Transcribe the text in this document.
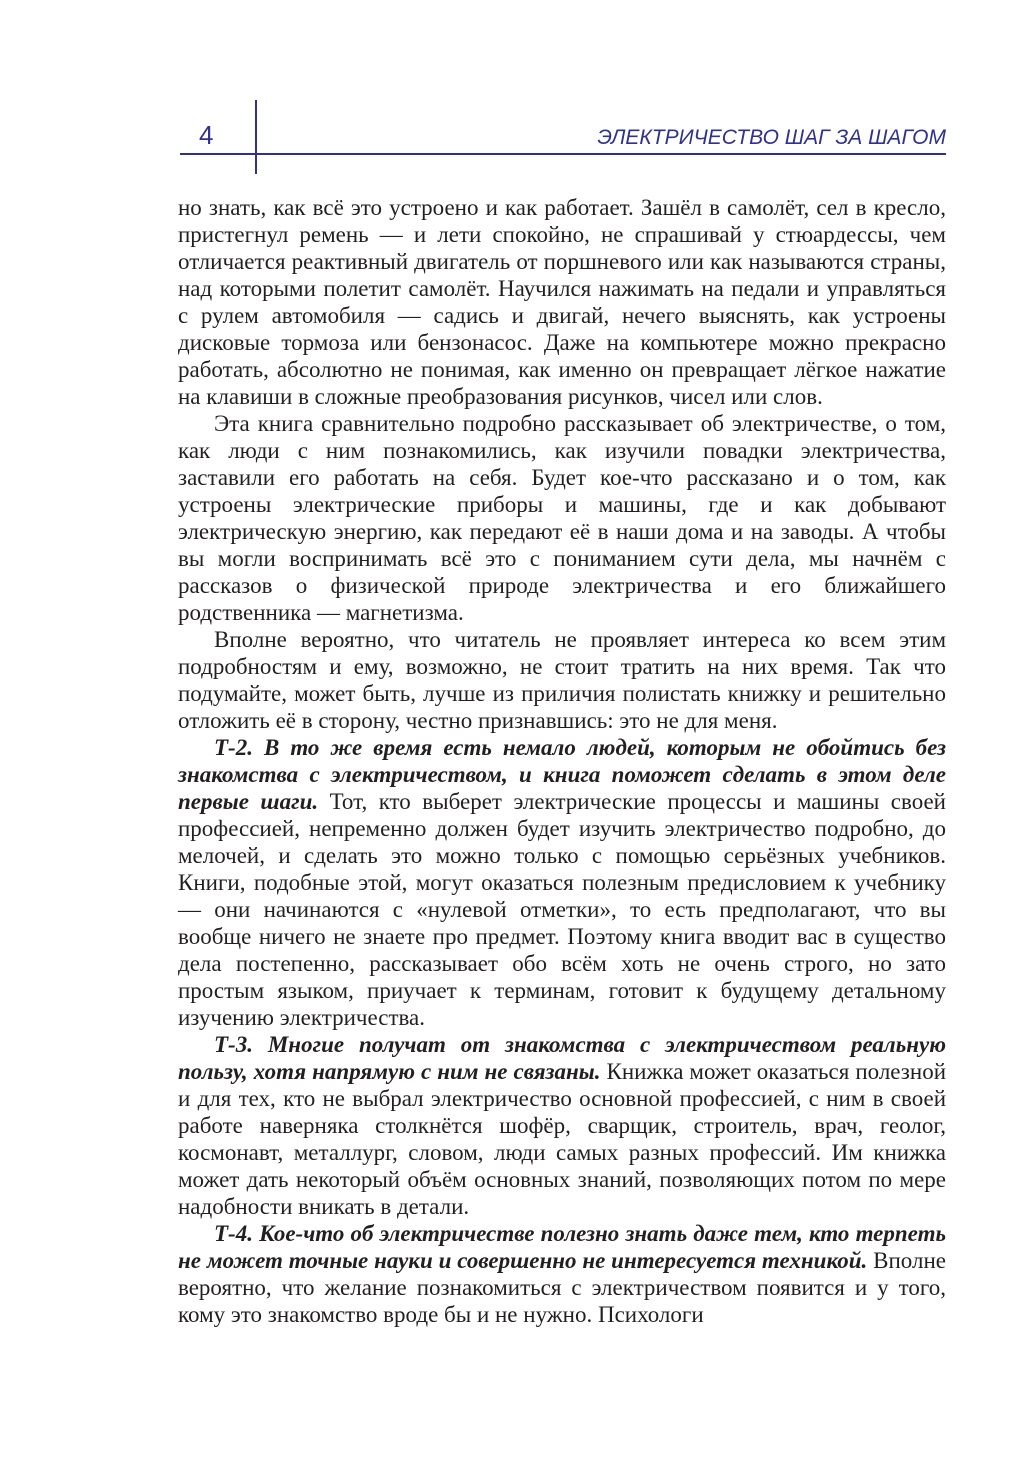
4	ЭЛЕКТРИЧЕСТВО ШАГ ЗА ШАГОМ

но знать, как всё это устроено и как работает. Зашёл в самолёт, сел в кресло, пристегнул ремень — и лети спокойно, не спрашивай у стюардессы, чем отличается реактивный двигатель от поршневого или как называются страны, над которыми полетит самолёт. Научился нажимать на педали и управляться с рулем автомобиля — садись и двигай, нечего выяснять, как устроены дисковые тормоза или бензонасос. Даже на компьютере можно прекрасно работать, абсолютно не понимая, как именно он превращает лёгкое нажатие на клавиши в сложные преобразования рисунков, чисел или слов.

Эта книга сравнительно подробно рассказывает об электричестве, о том, как люди с ним познакомились, как изучили повадки электричества, заставили его работать на себя. Будет кое-что рассказано и о том, как устроены электрические приборы и машины, где и как добывают электрическую энергию, как передают её в наши дома и на заводы. А чтобы вы могли воспринимать всё это с пониманием сути дела, мы начнём с рассказов о физической природе электричества и его ближайшего родственника — магнетизма.

Вполне вероятно, что читатель не проявляет интереса ко всем этим подробностям и ему, возможно, не стоит тратить на них время. Так что подумайте, может быть, лучше из приличия полистать книжку и решительно отложить её в сторону, честно признавшись: это не для меня.

Т-2. В то же время есть немало людей, которым не обойтись без знакомства с электричеством, и книга поможет сделать в этом деле первые шаги. Тот, кто выберет электрические процессы и машины своей профессией, непременно должен будет изучить электричество подробно, до мелочей, и сделать это можно только с помощью серьёзных учебников. Книги, подобные этой, могут оказаться полезным предисловием к учебнику — они начинаются с «нулевой отметки», то есть предполагают, что вы вообще ничего не знаете про предмет. Поэтому книга вводит вас в существо дела постепенно, рассказывает обо всём хоть не очень строго, но зато простым языком, приучает к терминам, готовит к будущему детальному изучению электричества.

Т-3. Многие получат от знакомства с электричеством реальную пользу, хотя напрямую с ним не связаны. Книжка может оказаться полезной и для тех, кто не выбрал электричество основной профессией, с ним в своей работе наверняка столкнётся шофёр, сварщик, строитель, врач, геолог, космонавт, металлург, словом, люди самых разных профессий. Им книжка может дать некоторый объём основных знаний, позволяющих потом по мере надобности вникать в детали.

Т-4. Кое-что об электричестве полезно знать даже тем, кто терпеть не может точные науки и совершенно не интересуется техникой. Вполне вероятно, что желание познакомиться с электричеством появится и у того, кому это знакомство вроде бы и не нужно. Психологи
